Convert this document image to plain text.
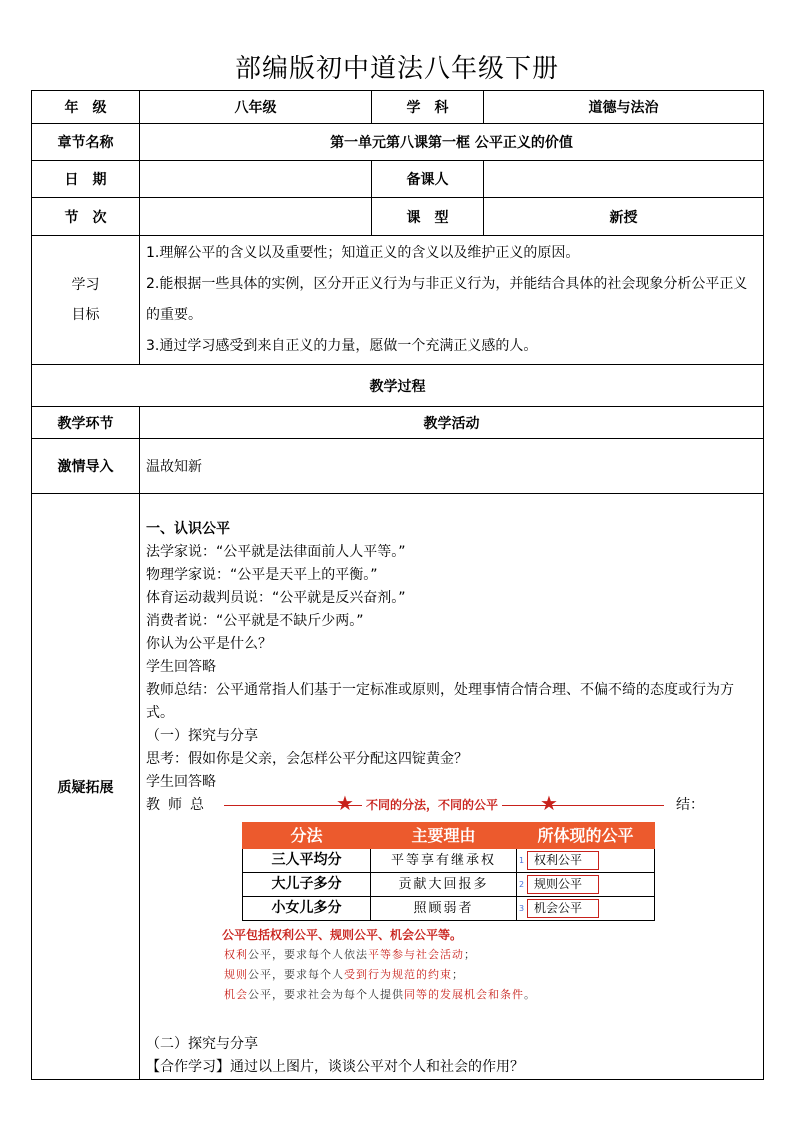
部编版初中道法八年级下册
年　级	八年级	学　科	道德与法治
章节名称	第一单元第八课第一框 公平正义的价值
日　期		备课人	
节　次		课　型	新授

学习
目标

1.理解公平的含义以及重要性；知道正义的含义以及维护正义的原因。

2.能根据一些具体的实例，区分开正义行为与非正义行为，并能结合具体的社会现象分析公平正义的重要。

3.通过学习感受到来自正义的力量，愿做一个充满正义感的人。

教学过程
教学环节	教学活动
激情导入	温故知新
质疑拓展	

一、认识公平

法学家说：“公平就是法律面前人人平等。”

物理学家说：“公平是天平上的平衡。”

体育运动裁判员说：“公平就是反兴奋剂。”

消费者说：“公平就是不缺斤少两。”

你认为公平是什么？

学生回答略

教师总结：公平通常指人们基于一定标准或原则，处理事情合情合理、不偏不绮的态度或行为方式。

（一）探究与分享

思考：假如你是父亲，会怎样公平分配这四锭黄金？

学生回答略

教师总	★	不同的分法，不同的公平 ★	结：
分法	主要理由	所体现的公平
三人平均分	平等享有继承权	1 权利公平
大儿子多分	贡献大回报多	2 规则公平
小女儿多分	照顾弱者	3 机会公平
公平包括权利公平、规则公平、机会公平等。
权利公平，要求每个人依法平等参与社会活动；
规则公平，要求每个人受到行为规范的约束；
机会公平，要求社会为每个人提供同等的发展机会和条件。

（二）探究与分享

【合作学习】通过以上图片，谈谈公平对个人和社会的作用？
